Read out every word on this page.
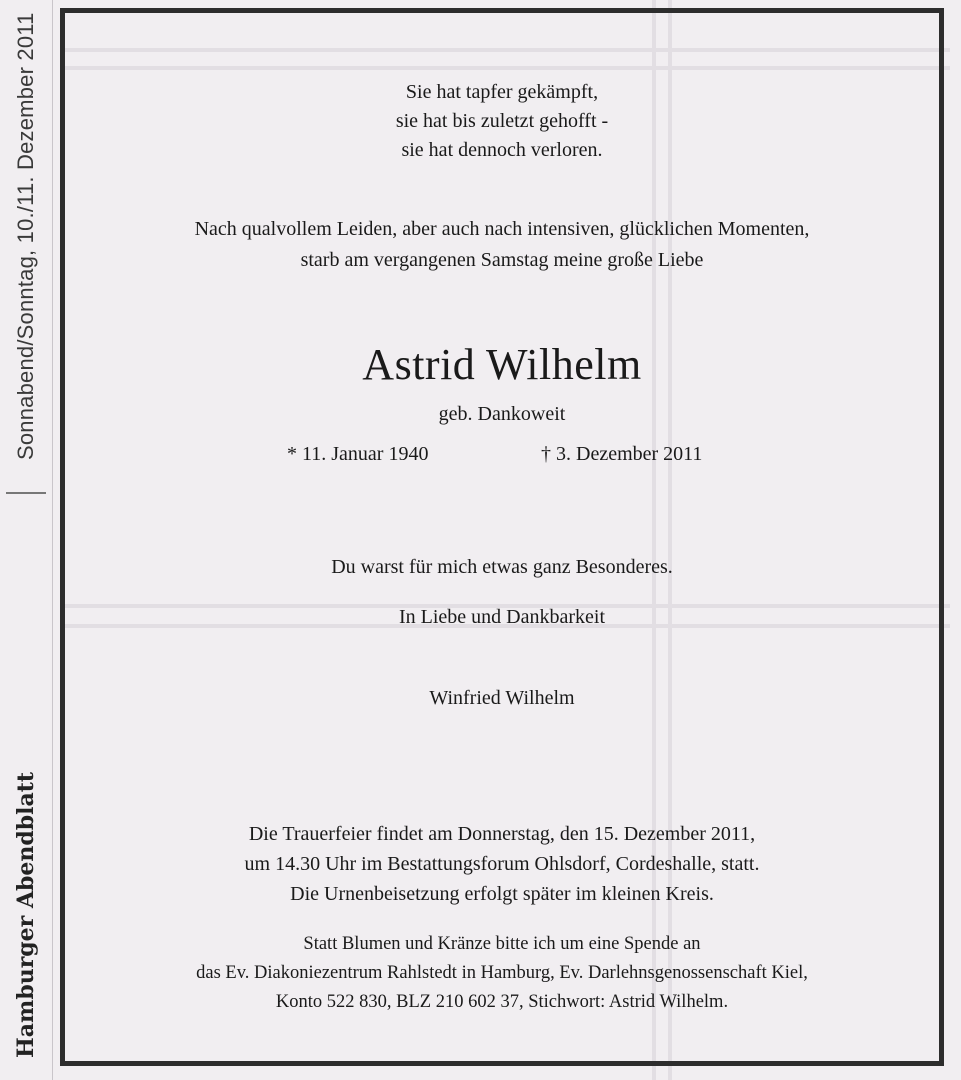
Sonnabend/Sonntag, 10./11. Dezember 2011
Hamburger Abendblatt
Sie hat tapfer gekämpft,
sie hat bis zuletzt gehofft -
sie hat dennoch verloren.
Nach qualvollem Leiden, aber auch nach intensiven, glücklichen Momenten,
starb am vergangenen Samstag meine große Liebe
Astrid Wilhelm
geb. Dankoweit
* 11. Januar 1940	† 3. Dezember 2011
Du warst für mich etwas ganz Besonderes.
In Liebe und Dankbarkeit
Winfried Wilhelm
Die Trauerfeier findet am Donnerstag, den 15. Dezember 2011,
um 14.30 Uhr im Bestattungsforum Ohlsdorf, Cordeshalle, statt.
Die Urnenbeisetzung erfolgt später im kleinen Kreis.
Statt Blumen und Kränze bitte ich um eine Spende an
das Ev. Diakoniezentrum Rahlstedt in Hamburg, Ev. Darlehnsgenossenschaft Kiel,
Konto 522 830, BLZ 210 602 37, Stichwort: Astrid Wilhelm.
